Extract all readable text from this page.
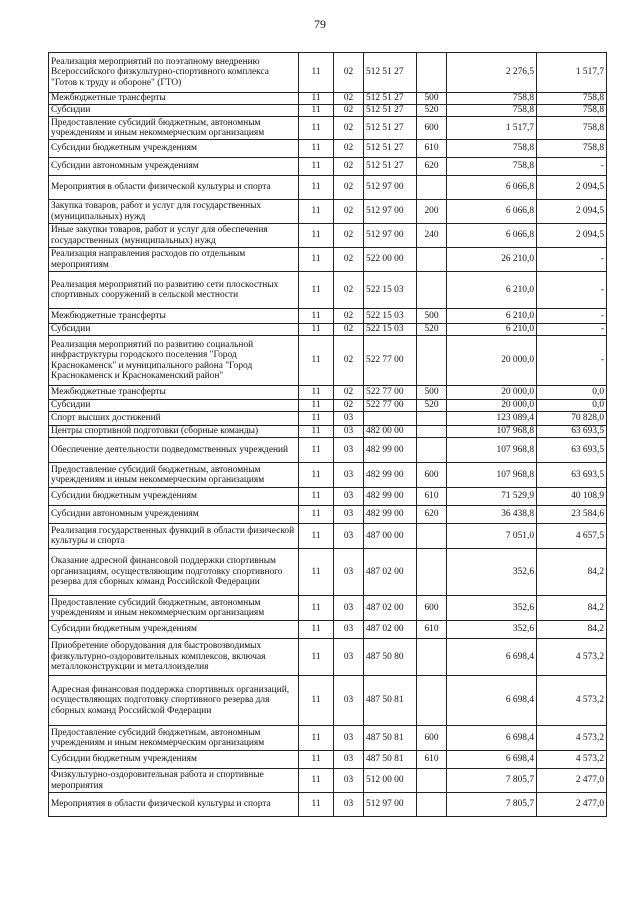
79
Реализация мероприятий по поэтапному внедрению Всероссийского физкультурно-спортивного комплекса "Готов к труду и обороне" (ГТО)	11	02	512 51 27		2 276,5	1 517,7
Межбюджетные трансферты	11	02	512 51 27	500	758,8	758,8
Субсидии	11	02	512 51 27	520	758,8	758,8
Предоставление субсидий бюджетным, автономным учреждениям и иным некоммерческим организациям	11	02	512 51 27	600	1 517,7	758,8
Субсидии бюджетным учреждениям	11	02	512 51 27	610	758,8	758,8
Субсидии автономным учреждениям	11	02	512 51 27	620	758,8	-
Мероприятия в области физической культуры и спорта	11	02	512 97 00		6 066,8	2 094,5
Закупка товаров, работ и услуг для государственных (муниципальных) нужд	11	02	512 97 00	200	6 066,8	2 094,5
Иные закупки товаров, работ и услуг для обеспечения государственных (муниципальных) нужд	11	02	512 97 00	240	6 066,8	2 094,5
Реализация направления расходов по отдельным мероприятиям	11	02	522 00 00		26 210,0	-
Реализация мероприятий по развитию сети плоскостных спортивных сооружений в сельской местности	11	02	522 15 03		6 210,0	-
Межбюджетные трансферты	11	02	522 15 03	500	6 210,0	-
Субсидии	11	02	522 15 03	520	6 210,0	-
Реализация мероприятий по развитию социальной инфраструктуры городского поселения "Город Краснокаменск" и муниципального района "Город Краснокаменск и Краснокаменский район"	11	02	522 77 00		20 000,0	-
Межбюджетные трансферты	11	02	522 77 00	500	20 000,0	0,0
Субсидии	11	02	522 77 00	520	20 000,0	0,0
Спорт высших достижений	11	03			123 089,4	70 828,0
Центры спортивной подготовки (сборные команды)	11	03	482 00 00		107 968,8	63 693,5
Обеспечение деятельности подведомственных учреждений	11	03	482 99 00		107 968,8	63 693,5
Предоставление субсидий бюджетным, автономным учреждениям и иным некоммерческим организациям	11	03	482 99 00	600	107 968,8	63 693,5
Субсидии бюджетным учреждениям	11	03	482 99 00	610	71 529,9	40 108,9
Субсидии автономным учреждениям	11	03	482 99 00	620	36 438,8	23 584,6
Реализация государственных функций в области физической культуры и спорта	11	03	487 00 00		7 051,0	4 657,5
Оказание адресной финансовой поддержки спортивным организациям, осуществляющим подготовку спортивного резерва для сборных команд Российской Федерации	11	03	487 02 00		352,6	84,2
Предоставление субсидий бюджетным, автономным учреждениям и иным некоммерческим организациям	11	03	487 02 00	600	352,6	84,2
Субсидии бюджетным учреждениям	11	03	487 02 00	610	352,6	84,2
Приобретение оборудования для быстровозводимых физкультурно-оздоровительных комплексов, включая металлоконструкции и металлоизделия	11	03	487 50 80		6 698,4	4 573,2
Адресная финансовая поддержка спортивных организаций, осуществляющих подготовку спортивного резерва для сборных команд Российской Федерации	11	03	487 50 81		6 698,4	4 573,2
Предоставление субсидий бюджетным, автономным учреждениям и иным некоммерческим организациям	11	03	487 50 81	600	6 698,4	4 573,2
Субсидии бюджетным учреждениям	11	03	487 50 81	610	6 698,4	4 573,2
Физкультурно-оздоровительная работа и спортивные мероприятия	11	03	512 00 00		7 805,7	2 477,0
Мероприятия в области физической культуры и спорта	11	03	512 97 00		7 805,7	2 477,0
